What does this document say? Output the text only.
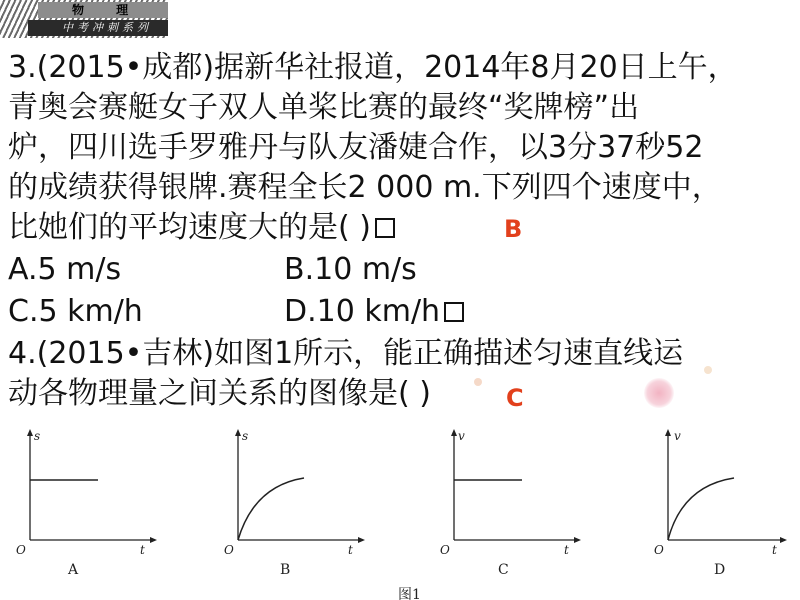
物 理
中考冲刺系列
3.(2015•成都)据新华社报道，2014年8月20日上午，
青奥会赛艇女子双人单桨比赛的最终“奖牌榜”出
炉，四川选手罗雅丹与队友潘婕合作，以3分37秒52
的成绩获得银牌.赛程全长2 000 m.下列四个速度中，
比她们的平均速度大的是( )	B
A.5 m/s	B.10 m/s
C.5 km/h	D.10 km/h
4.(2015•吉林)如图1所示，能正确描述匀速直线运
动各物理量之间关系的图像是( )	C
s
t
O
A
s
t
O
B
v
t
O
C
v
t
O
D
图1
